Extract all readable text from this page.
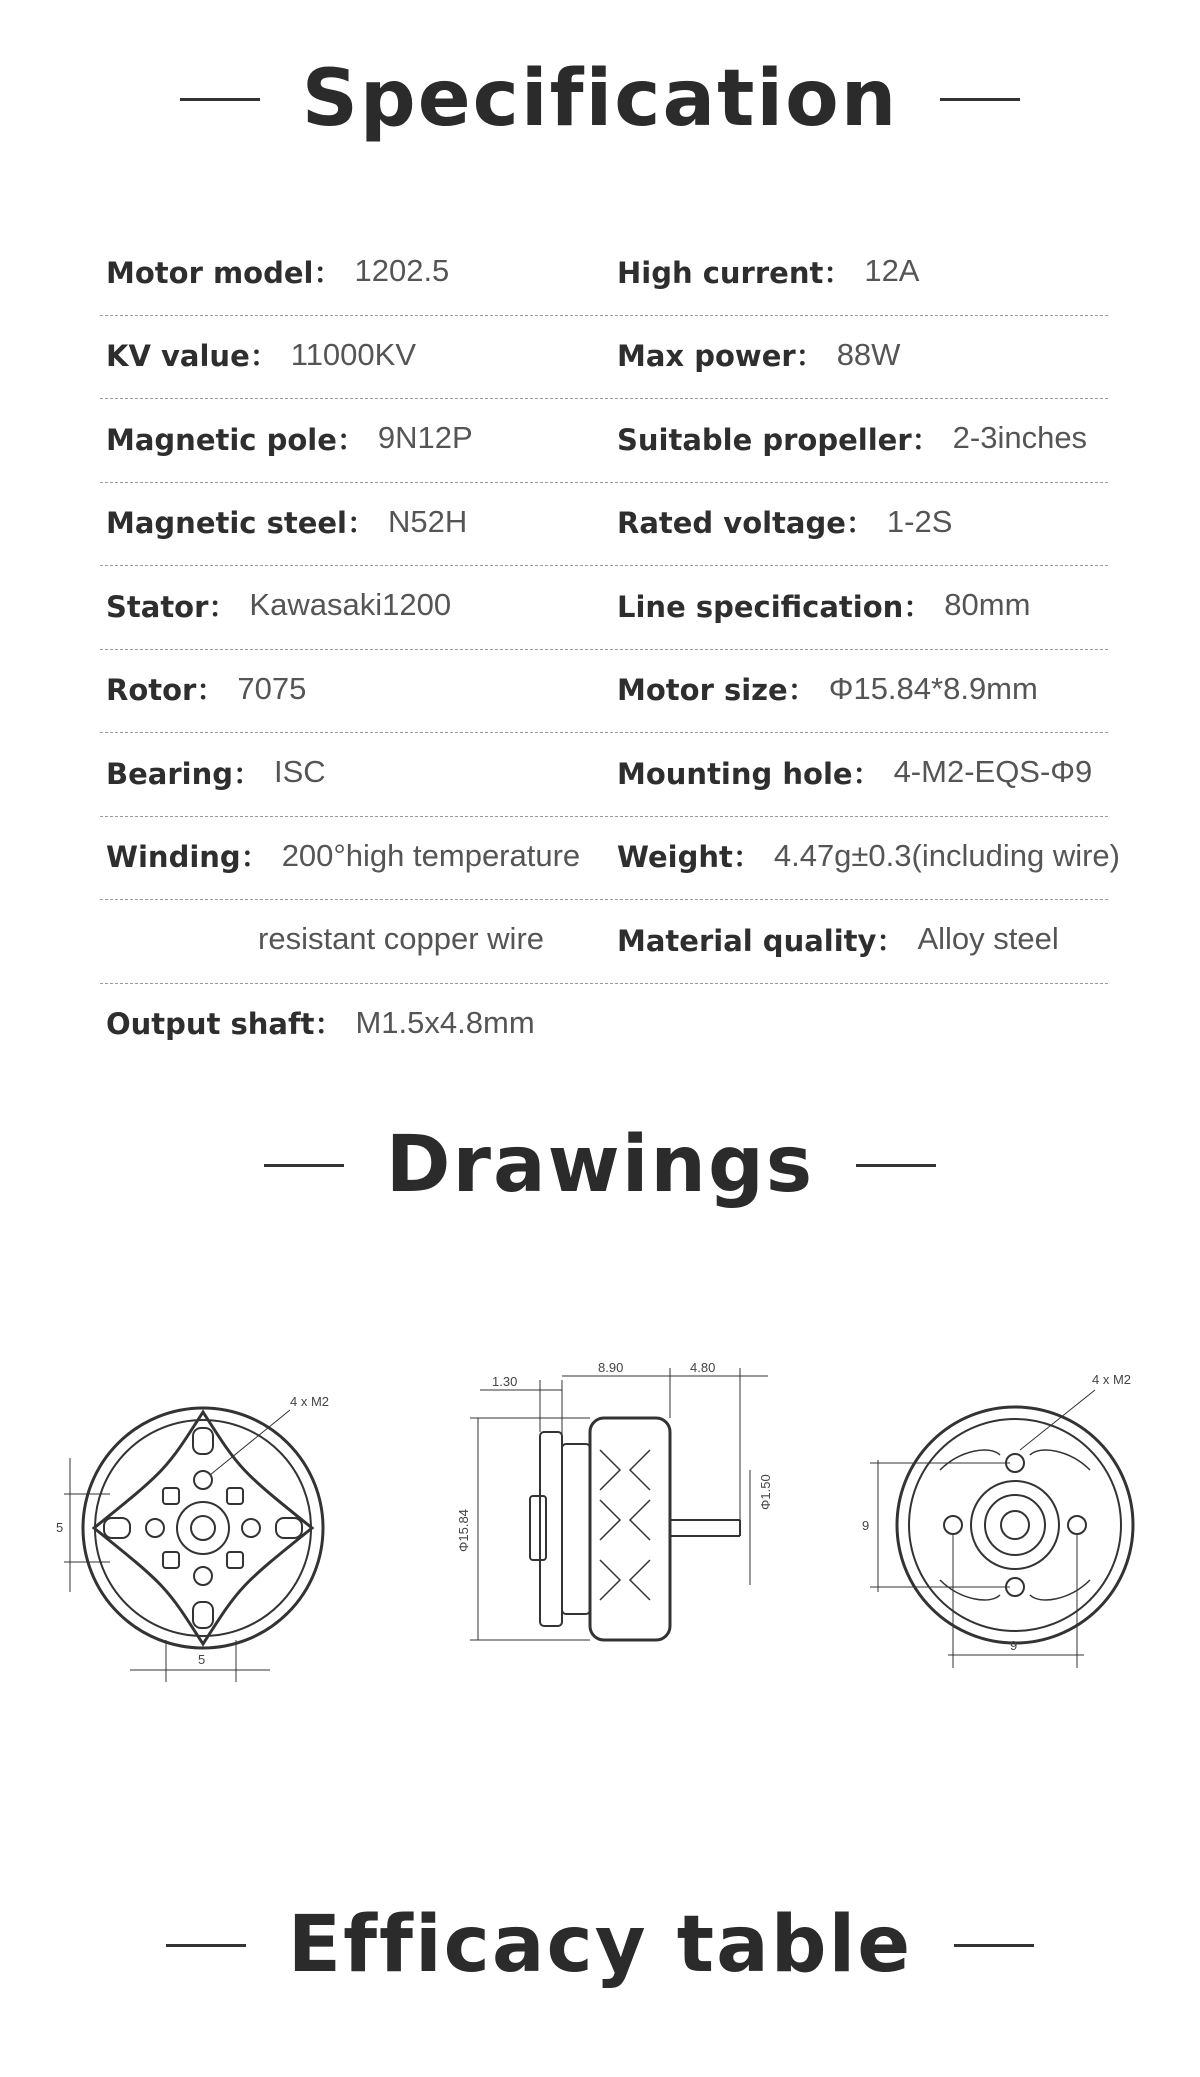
Specification
Motor model： 1202.5	High current： 12A
KV value： 11000KV	Max power： 88W
Magnetic pole： 9N12P	Suitable propeller： 2-3inches
Magnetic steel： N52H	Rated voltage： 1-2S
Stator： Kawasaki1200	Line specification： 80mm
Rotor： 7075	Motor size： Φ15.84*8.9mm
Bearing： ISC	Mounting hole： 4-M2-EQS-Φ9
Winding： 200°high temperature Weight： 4.47g±0.3(including wire)
resistant copper wire	Material quality： Alloy steel
Output shaft： M1.5x4.8mm
Drawings
4 x M2
5
5
1.30
8.90	4.80
Φ1.50
Φ15.84
4 x M2
9
9
Efficacy table
